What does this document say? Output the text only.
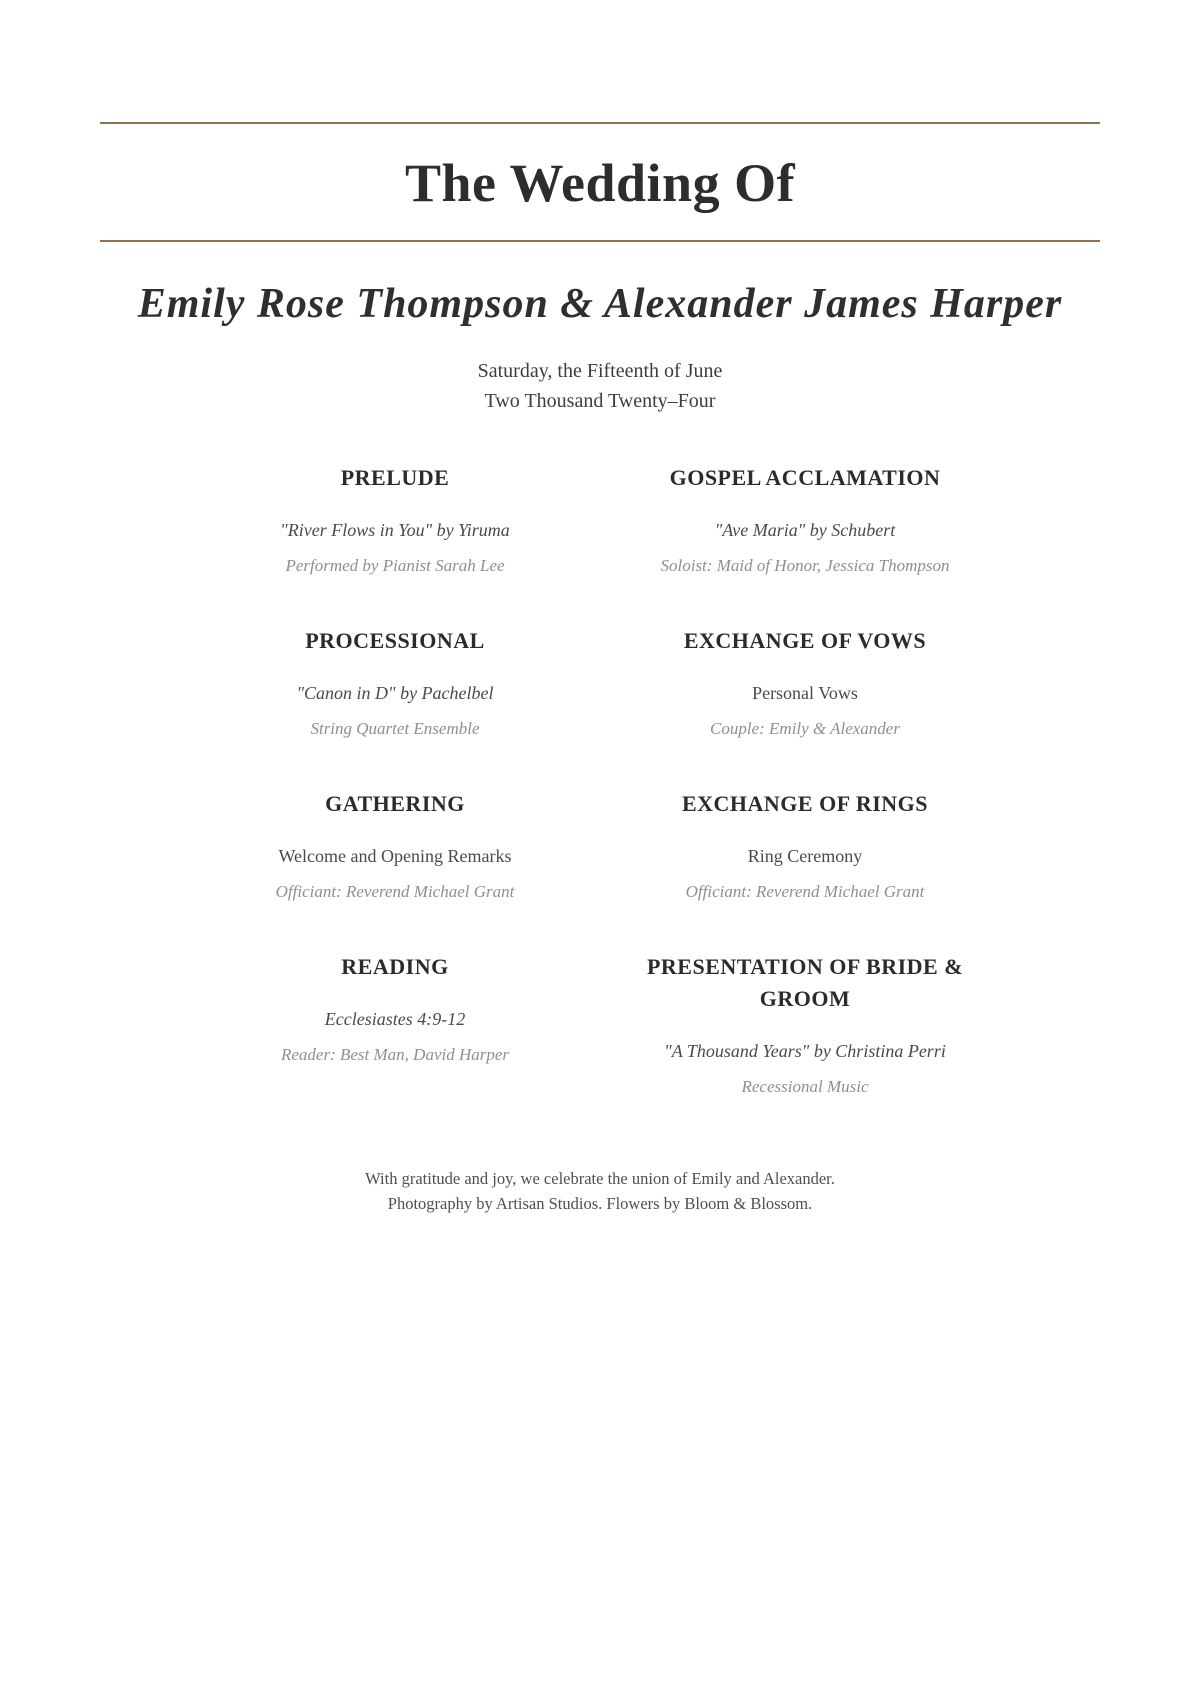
The Wedding Of
Emily Rose Thompson & Alexander James Harper
Saturday, the Fifteenth of June
Two Thousand Twenty–Four
PRELUDE

"River Flows in You" by Yiruma

Performed by Pianist Sarah Lee

GOSPEL ACCLAMATION

"Ave Maria" by Schubert

Soloist: Maid of Honor, Jessica Thompson

PROCESSIONAL

"Canon in D" by Pachelbel

String Quartet Ensemble

EXCHANGE OF VOWS

Personal Vows

Couple: Emily & Alexander

GATHERING

Welcome and Opening Remarks

Officiant: Reverend Michael Grant

EXCHANGE OF RINGS

Ring Ceremony

Officiant: Reverend Michael Grant

READING

Ecclesiastes 4:9-12

Reader: Best Man, David Harper

PRESENTATION OF BRIDE & GROOM

"A Thousand Years" by Christina Perri

Recessional Music

With gratitude and joy, we celebrate the union of Emily and Alexander.
Photography by Artisan Studios. Flowers by Bloom & Blossom.
